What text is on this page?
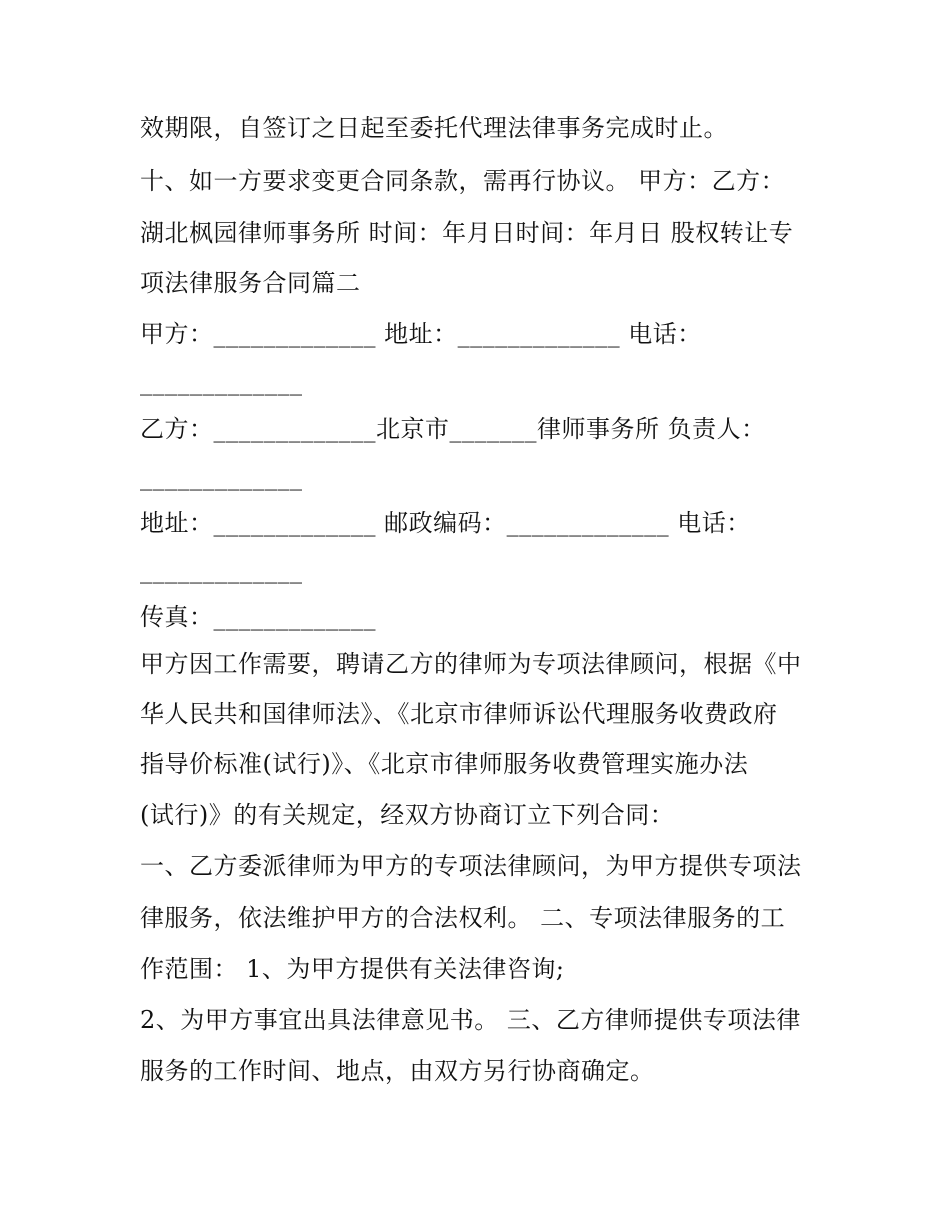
效期限，自签订之日起至委托代理法律事务完成时止。
十、如一方要求变更合同条款，需再行协议。 甲方：乙方：
湖北枫园律师事务所 时间：年月日时间：年月日 股权转让专
项法律服务合同篇二
甲方：_____________ 地址：_____________ 电话：
_____________
乙方：_____________北京市_______律师事务所 负责人：
_____________
地址：_____________ 邮政编码：_____________ 电话：
_____________
传真：_____________
甲方因工作需要，聘请乙方的律师为专项法律顾问，根据《中
华人民共和国律师法》、《北京市律师诉讼代理服务收费政府
指导价标准(试行)》、《北京市律师服务收费管理实施办法
(试行)》的有关规定，经双方协商订立下列合同：
一、乙方委派律师为甲方的专项法律顾问，为甲方提供专项法
律服务，依法维护甲方的合法权利。 二、专项法律服务的工
作范围： 1、为甲方提供有关法律咨询;
2、为甲方事宜出具法律意见书。 三、乙方律师提供专项法律
服务的工作时间、地点，由双方另行协商确定。
